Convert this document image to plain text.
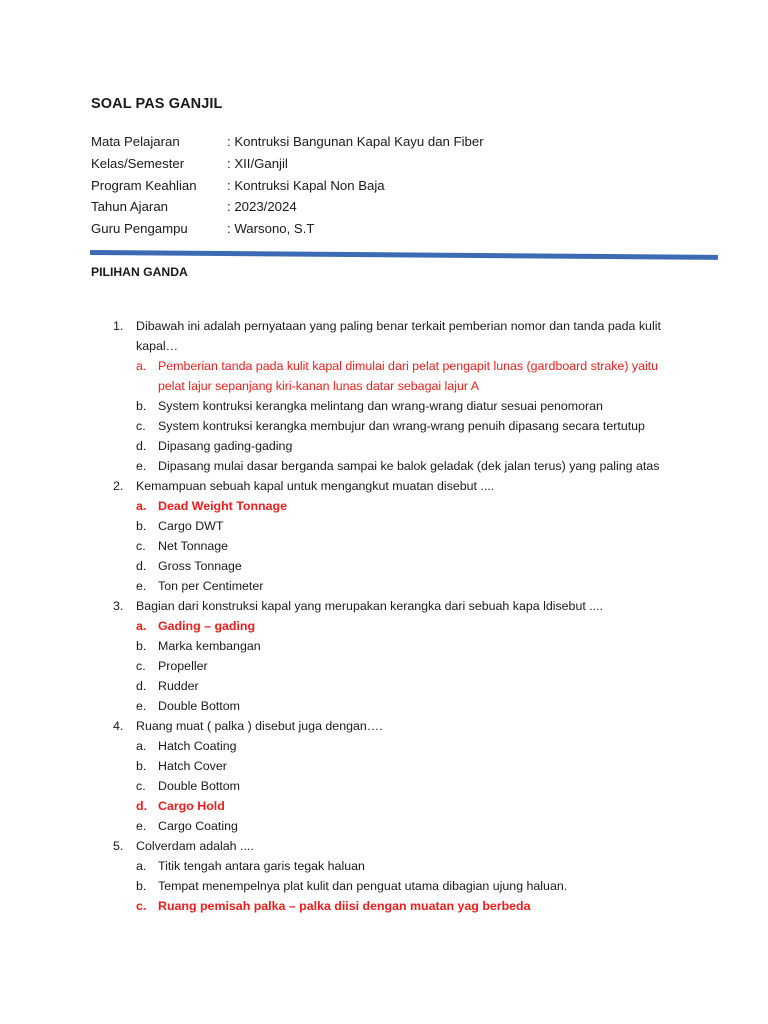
SOAL PAS GANJIL
Mata Pelajaran	: Kontruksi Bangunan Kapal Kayu dan Fiber
Kelas/Semester	: XII/Ganjil
Program Keahlian : Kontruksi Kapal Non Baja
Tahun Ajaran	: 2023/2024
Guru Pengampu	: Warsono, S.T
PILIHAN GANDA
1. Dibawah ini adalah pernyataan yang paling benar terkait pemberian nomor dan tanda pada kulit kapal…
a. Pemberian tanda pada kulit kapal dimulai dari pelat pengapit lunas (gardboard strake) yaitu pelat lajur sepanjang kiri-kanan lunas datar sebagai lajur A
b. System kontruksi kerangka melintang dan wrang-wrang diatur sesuai penomoran
c. System kontruksi kerangka membujur dan wrang-wrang penuih dipasang secara tertutup
d. Dipasang gading-gading
e. Dipasang mulai dasar berganda sampai ke balok geladak (dek jalan terus) yang paling atas
2. Kemampuan sebuah kapal untuk mengangkut muatan disebut ....
a. Dead Weight Tonnage
b. Cargo DWT
c. Net Tonnage
d. Gross Tonnage
e. Ton per Centimeter
3. Bagian dari konstruksi kapal yang merupakan kerangka dari sebuah kapa ldisebut ....
a. Gading – gading
b. Marka kembangan
c. Propeller
d. Rudder
e. Double Bottom
4. Ruang muat ( palka ) disebut juga dengan….
a. Hatch Coating
b. Hatch Cover
c. Double Bottom
d. Cargo Hold
e. Cargo Coating
5. Colverdam adalah ....
a. Titik tengah antara garis tegak haluan
b. Tempat menempelnya plat kulit dan penguat utama dibagian ujung haluan.
c. Ruang pemisah palka – palka diisi dengan muatan yag berbeda
